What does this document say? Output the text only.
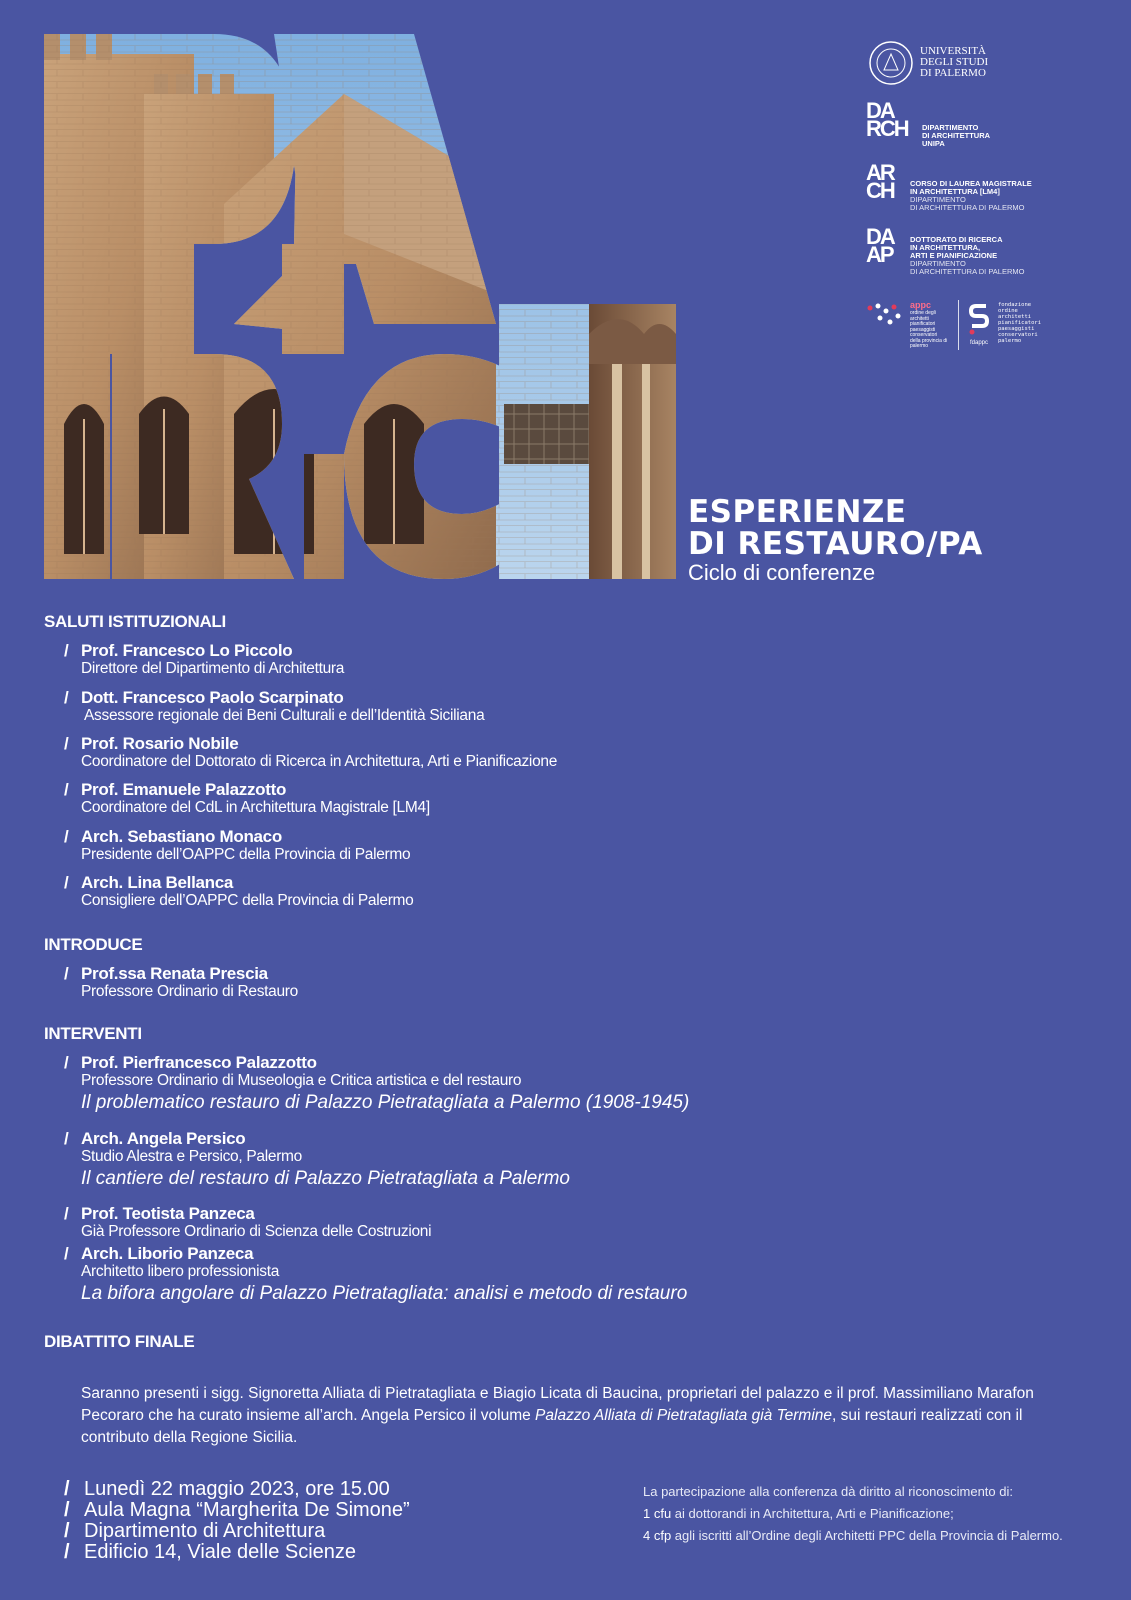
UNIVERSITÀ
DEGLI STUDI
DI PALERMO
DA RCH	DIPARTIMENTO
DI ARCHITETTURA
UNIPA
AR CH	CORSO DI LAUREA MAGISTRALE
IN ARCHITETTURA [LM4]
DIPARTIMENTO
DI ARCHITETTURA DI PALERMO
DA AP
DOTTORATO DI RICERCA
IN ARCHITETTURA,
ARTI E PIANIFICAZIONE
DIPARTIMENTO
DI ARCHITETTURA DI PALERMO
appc
ordine degli
architetti
pianificatori
paesaggisti
conservatori
della provincia di
palermo	fdappc
fondazione
ordine
architetti
pianificatori
paesaggisti
conservatori
palermo
ESPERIENZE
DI RESTAURO/PA
Ciclo di conferenze
SALUTI ISTITUZIONALI
/ Prof. Francesco Lo Piccolo
Direttore del Dipartimento di Architettura
/ Dott. Francesco Paolo Scarpinato
Assessore regionale dei Beni Culturali e dell’Identità Siciliana
/ Prof. Rosario Nobile
Coordinatore del Dottorato di Ricerca in Architettura, Arti e Pianificazione
/ Prof. Emanuele Palazzotto
Coordinatore del CdL in Architettura Magistrale [LM4]
/ Arch. Sebastiano Monaco
Presidente dell’OAPPC della Provincia di Palermo
/ Arch. Lina Bellanca
Consigliere dell’OAPPC della Provincia di Palermo
INTRODUCE
/ Prof.ssa Renata Prescia
Professore Ordinario di Restauro
INTERVENTI
/ Prof. Pierfrancesco Palazzotto
Professore Ordinario di Museologia e Critica artistica e del restauro
Il problematico restauro di Palazzo Pietratagliata a Palermo (1908-1945)
/ Arch. Angela Persico
Studio Alestra e Persico, Palermo
Il cantiere del restauro di Palazzo Pietratagliata a Palermo
/ Prof. Teotista Panzeca
Già Professore Ordinario di Scienza delle Costruzioni
/ Arch. Liborio Panzeca
Architetto libero professionista
La bifora angolare di Palazzo Pietratagliata: analisi e metodo di restauro
DIBATTITO FINALE
Saranno presenti i sigg. Signoretta Alliata di Pietratagliata e Biagio Licata di Baucina, proprietari del palazzo e il prof. Massimiliano Marafon Pecoraro che ha curato insieme all’arch. Angela Persico il volume Palazzo Alliata di Pietratagliata già Termine, sui restauri realizzati con il contributo della Regione Sicilia.
/ Lunedì 22 maggio 2023, ore 15.00
/ Aula Magna “Margherita De Simone”
/ Dipartimento di Architettura
/ Edificio 14, Viale delle Scienze
La partecipazione alla conferenza dà diritto al riconoscimento di:
1 cfu ai dottorandi in Architettura, Arti e Pianificazione;
4 cfp agli iscritti all’Ordine degli Architetti PPC della Provincia di Palermo.
